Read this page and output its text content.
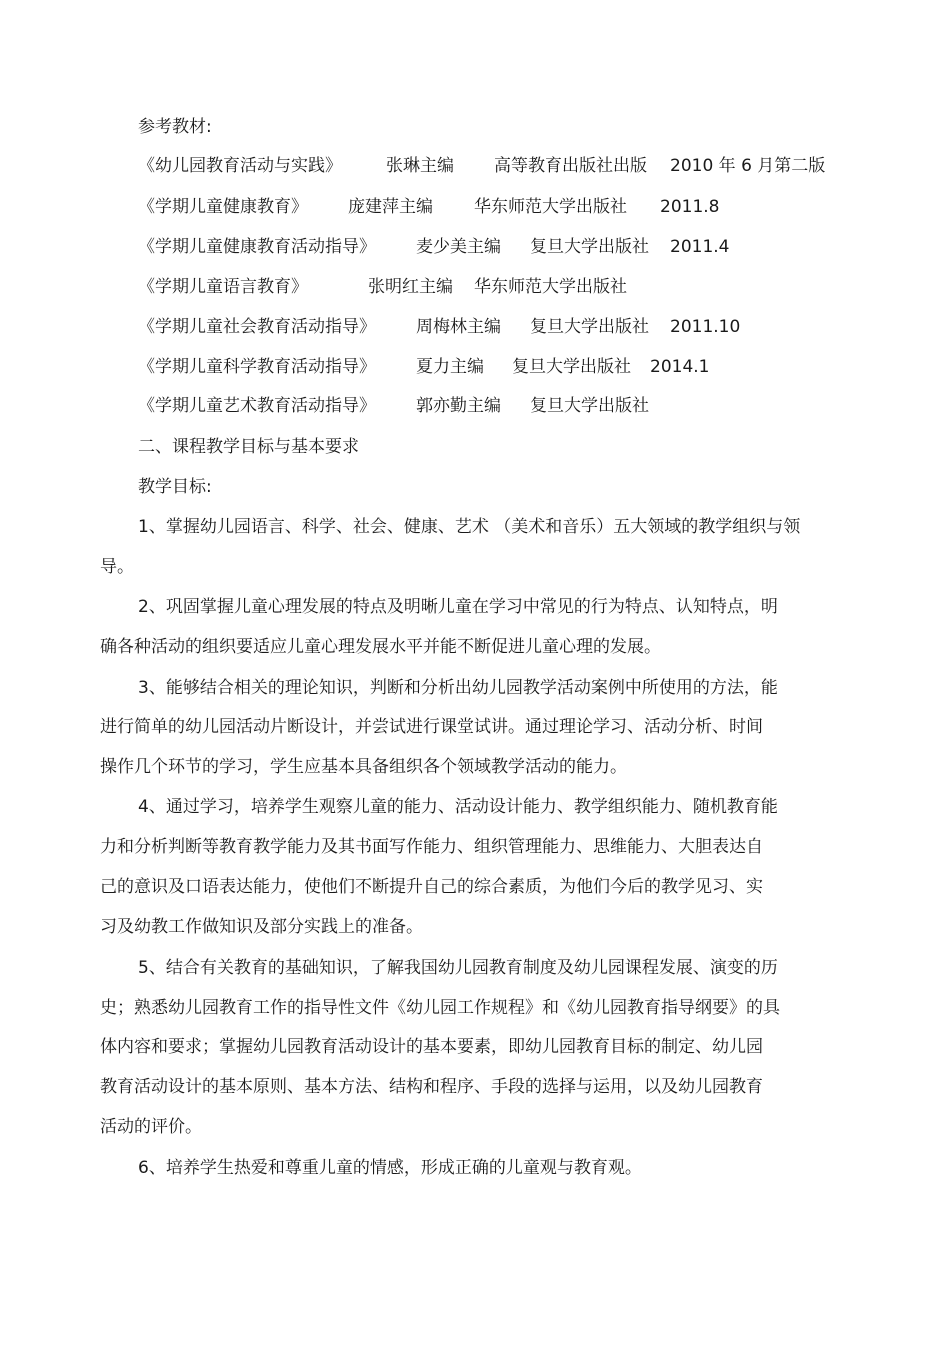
参考教材:
《幼儿园教育活动与实践》	张琳主编 高等教育出版社出版 2010 年 6 月第二版
《学期儿童健康教育》 庞建萍主编 华东师范大学出版社 2011.8
《学期儿童健康教育活动指导》 麦少美主编 复旦大学出版社 2011.4
《学期儿童语言教育》	张明红主编 华东师范大学出版社
《学期儿童社会教育活动指导》 周梅林主编 复旦大学出版社 2011.10
《学期儿童科学教育活动指导》 夏力主编 复旦大学出版社 2014.1
《学期儿童艺术教育活动指导》 郭亦勤主编 复旦大学出版社
二、课程教学目标与基本要求
教学目标:
1、掌握幼儿园语言、科学、社会、健康、艺术 （美术和音乐）五大领域的教学组织与领
导。
2、巩固掌握儿童心理发展的特点及明晰儿童在学习中常见的行为特点、认知特点，明
确各种活动的组织要适应儿童心理发展水平并能不断促进儿童心理的发展。
3、能够结合相关的理论知识，判断和分析出幼儿园教学活动案例中所使用的方法，能
进行简单的幼儿园活动片断设计，并尝试进行课堂试讲。通过理论学习、活动分析、时间
操作几个环节的学习，学生应基本具备组织各个领域教学活动的能力。
4、通过学习，培养学生观察儿童的能力、活动设计能力、教学组织能力、随机教育能
力和分析判断等教育教学能力及其书面写作能力、组织管理能力、思维能力、大胆表达自
己的意识及口语表达能力，使他们不断提升自己的综合素质，为他们今后的教学见习、实
习及幼教工作做知识及部分实践上的准备。
5、结合有关教育的基础知识，了解我国幼儿园教育制度及幼儿园课程发展、演变的历
史；熟悉幼儿园教育工作的指导性文件《幼儿园工作规程》和《幼儿园教育指导纲要》的具
体内容和要求；掌握幼儿园教育活动设计的基本要素，即幼儿园教育目标的制定、幼儿园
教育活动设计的基本原则、基本方法、结构和程序、手段的选择与运用，以及幼儿园教育
活动的评价。
6、培养学生热爱和尊重儿童的情感，形成正确的儿童观与教育观。
